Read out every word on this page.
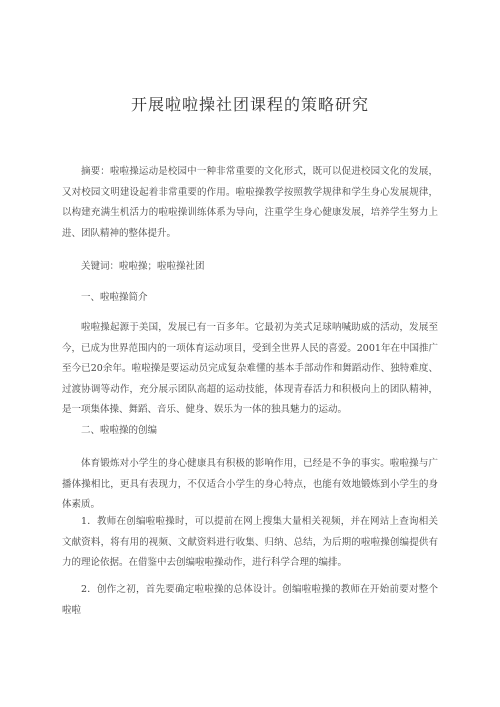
开展啦啦操社团课程的策略研究

摘要：啦啦操运动是校园中一种非常重要的文化形式，既可以促进校园文化的发展，又对校园文明建设起着非常重要的作用。啦啦操教学按照教学规律和学生身心发展规律，以构建充满生机活力的啦啦操训练体系为导向，注重学生身心健康发展，培养学生努力上进、团队精神的整体提升。

关键词：啦啦操；啦啦操社团

一、啦啦操简介

啦啦操起源于美国，发展已有一百多年。它最初为美式足球呐喊助威的活动，发展至今，已成为世界范围内的一项体育运动项目，受到全世界人民的喜爱。2001年在中国推广至今已20余年。啦啦操是要运动员完成复杂难懂的基本手部动作和舞蹈动作、独特难度、过渡协调等动作，充分展示团队高超的运动技能，体现青春活力和积极向上的团队精神，是一项集体操、舞蹈、音乐、健身、娱乐为一体的独具魅力的运动。

二、啦啦操的创编

体育锻炼对小学生的身心健康具有积极的影响作用，已经是不争的事实。啦啦操与广播体操相比，更具有表现力，不仅适合小学生的身心特点，也能有效地锻炼到小学生的身体素质。

1．教师在创编啦啦操时，可以提前在网上搜集大量相关视频，并在网站上查询相关文献资料，将有用的视频、文献资料进行收集、归纳、总结，为后期的啦啦操创编提供有力的理论依据。在借鉴中去创编啦啦操动作，进行科学合理的编排。

2．创作之初，首先要确定啦啦操的总体设计。创编啦啦操的教师在开始前要对整个啦啦
